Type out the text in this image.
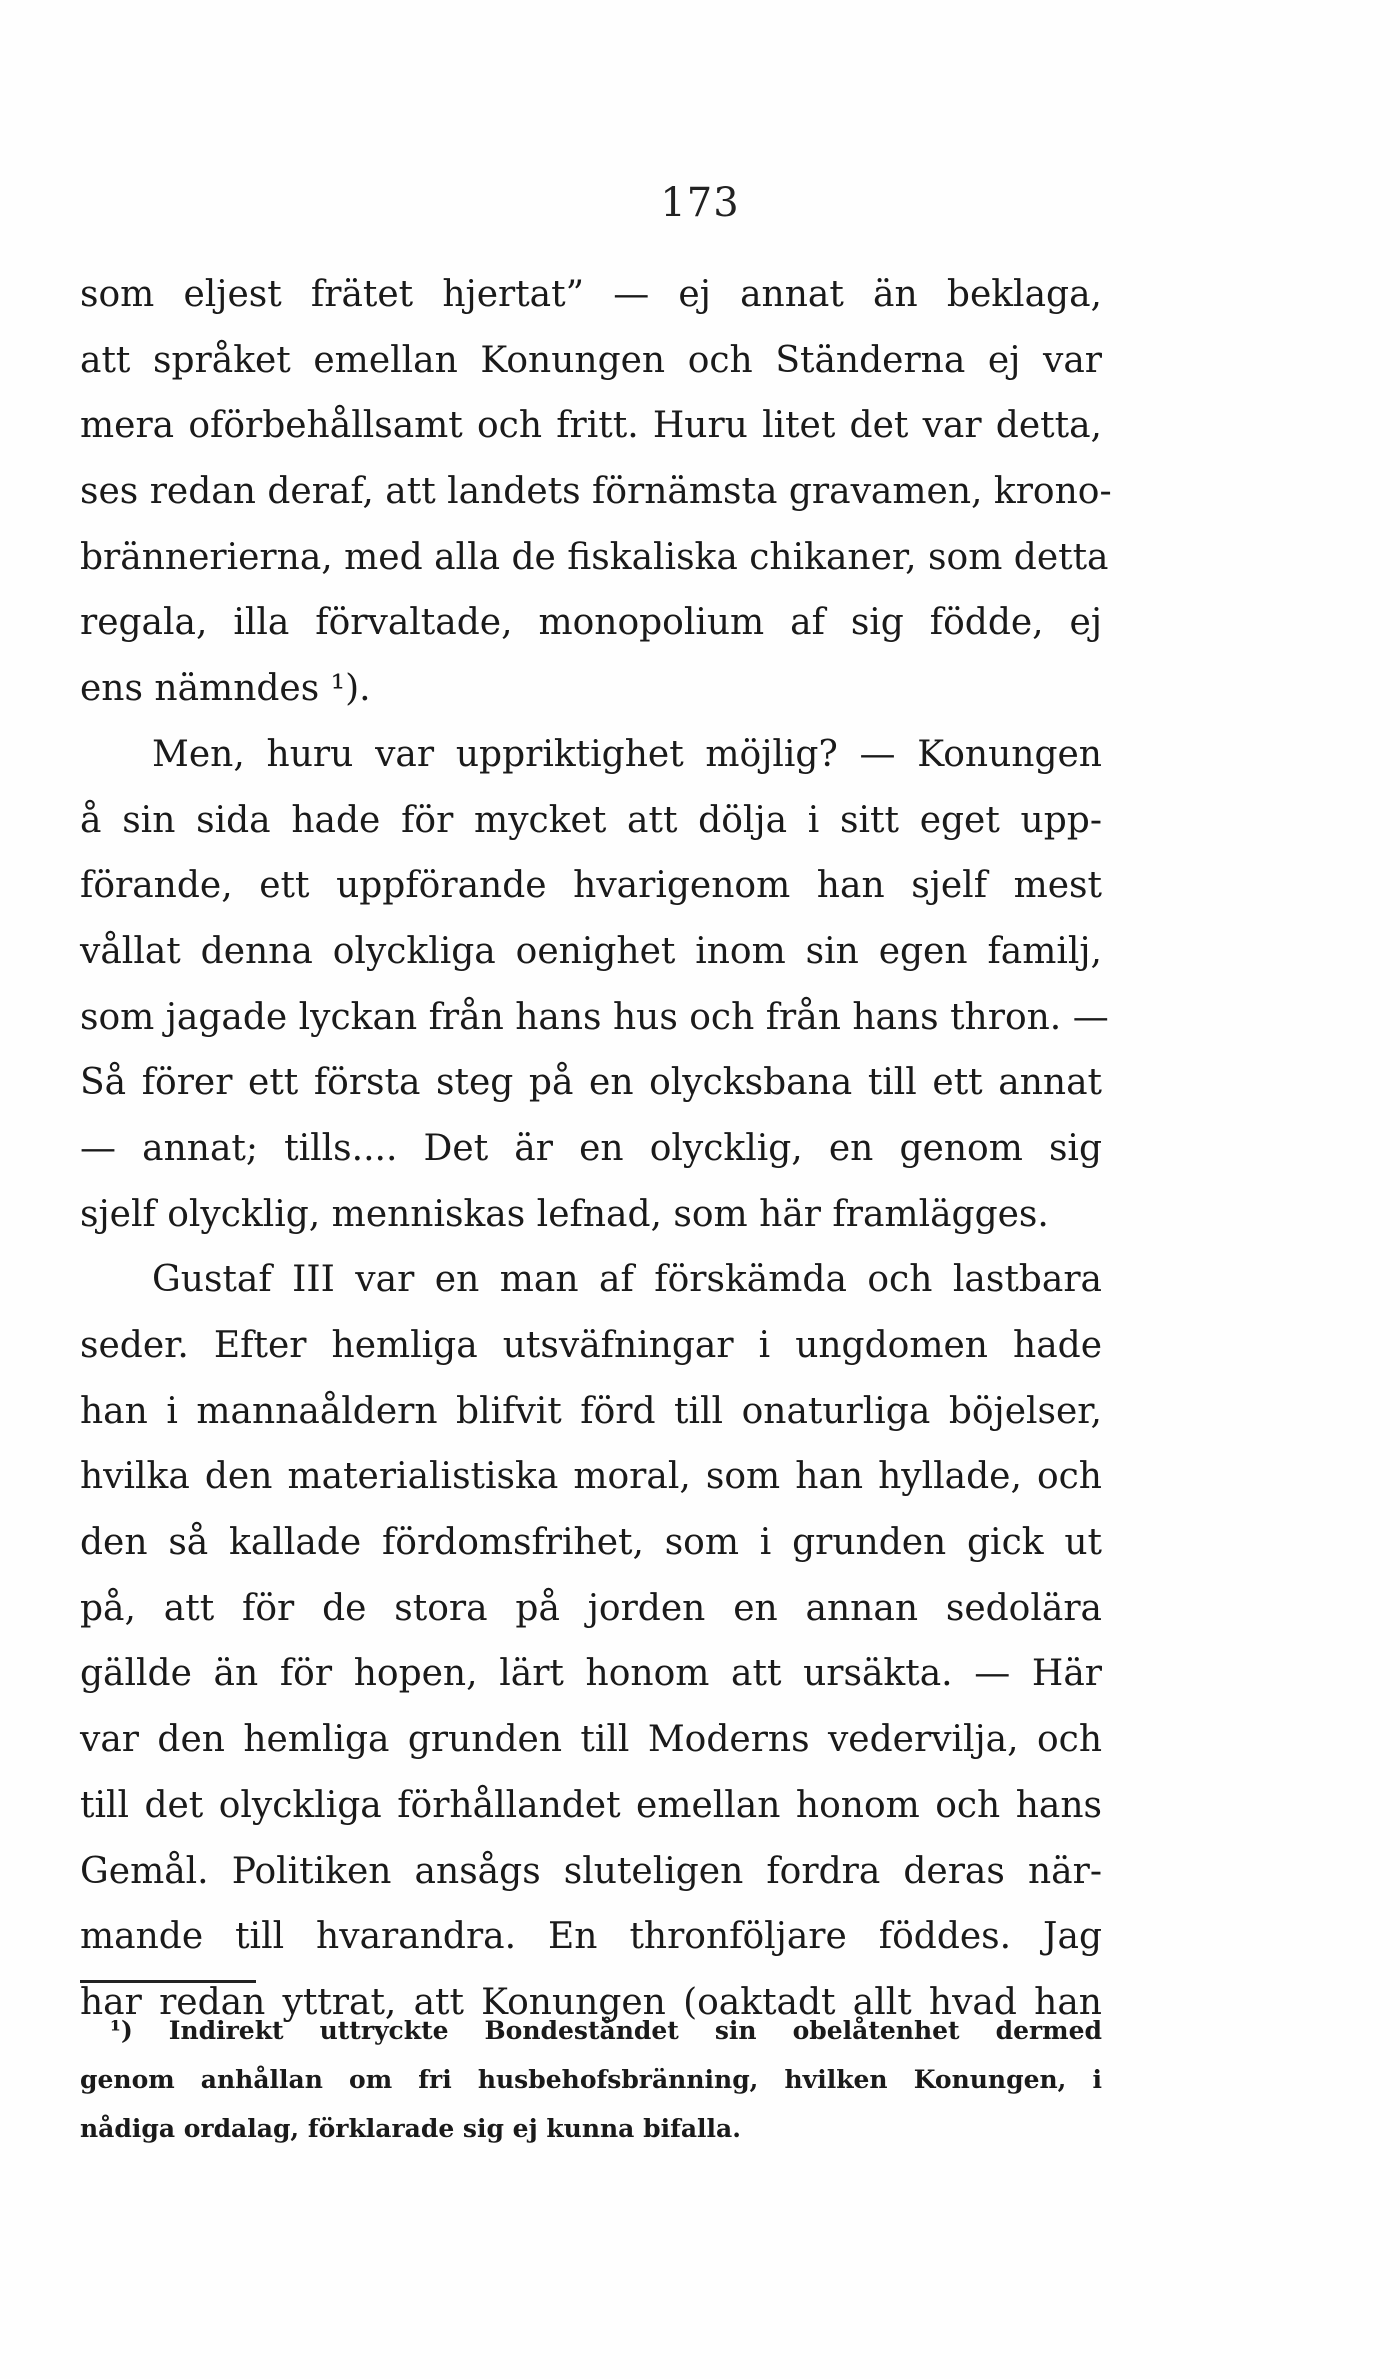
173
som eljest frätet hjertat” — ej annat än beklaga,
att språket emellan Konungen och Ständerna ej var
mera oförbehållsamt och fritt. Huru litet det var detta,
ses redan deraf, att landets förnämsta gravamen, krono-
brännerierna, med alla de fiskaliska chikaner, som detta
regala, illa förvaltade, monopolium af sig födde, ej
ens nämndes ¹).
Men, huru var uppriktighet möjlig? — Konungen
å sin sida hade för mycket att dölja i sitt eget upp-
förande, ett uppförande hvarigenom han sjelf mest
vållat denna olyckliga oenighet inom sin egen familj,
som jagade lyckan från hans hus och från hans thron. —
Så förer ett första steg på en olycksbana till ett annat
— annat; tills.... Det är en olycklig, en genom sig
sjelf olycklig, menniskas lefnad, som här framlägges.
Gustaf III var en man af förskämda och lastbara
seder. Efter hemliga utsväfningar i ungdomen hade
han i mannaåldern blifvit förd till onaturliga böjelser,
hvilka den materialistiska moral, som han hyllade, och
den så kallade fördomsfrihet, som i grunden gick ut
på, att för de stora på jorden en annan sedolära
gällde än för hopen, lärt honom att ursäkta. — Här
var den hemliga grunden till Moderns vedervilja, och
till det olyckliga förhållandet emellan honom och hans
Gemål. Politiken ansågs sluteligen fordra deras när-
mande till hvarandra. En thronföljare föddes. Jag
har redan yttrat, att Konungen (oaktadt allt hvad han
¹) Indirekt uttryckte Bondeståndet sin obelåtenhet dermed
genom anhållan om fri husbehofsbränning, hvilken Konungen, i
nådiga ordalag, förklarade sig ej kunna bifalla.
